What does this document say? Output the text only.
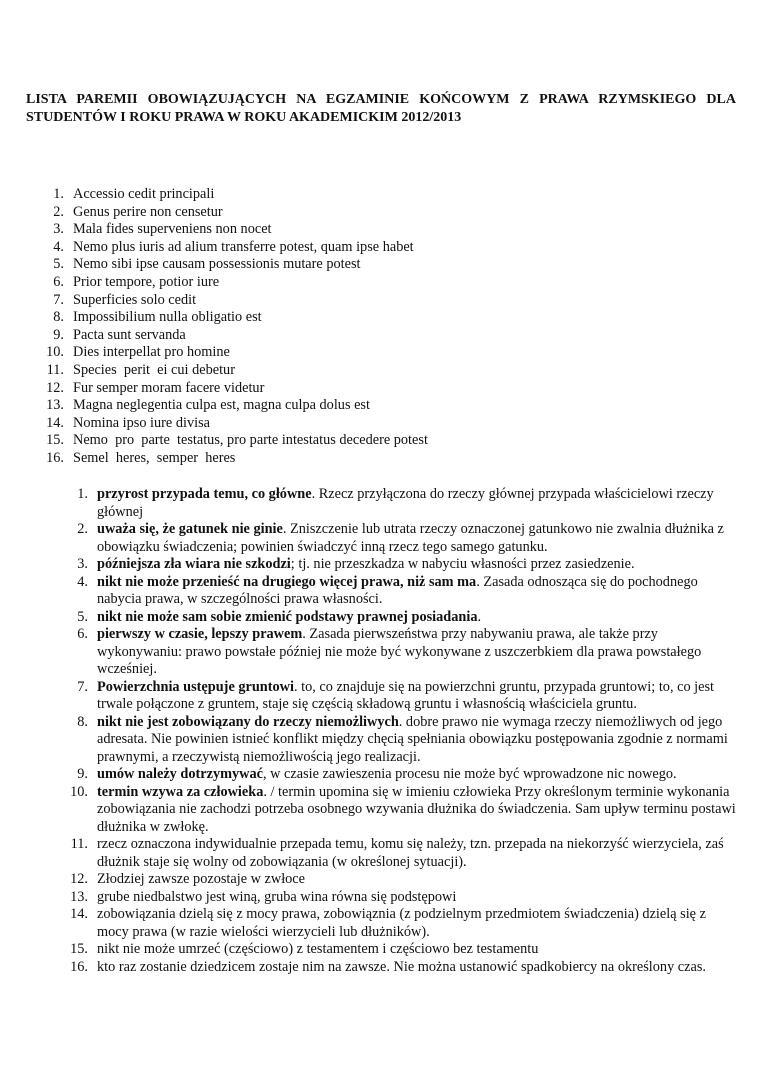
LISTA PAREMII OBOWIĄZUJĄCYCH NA EGZAMINIE KOŃCOWYM Z PRAWA RZYMSKIEGO DLA STUDENTÓW I ROKU PRAWA W ROKU AKADEMICKIM 2012/2013
1. Accessio cedit principali
2. Genus perire non censetur
3. Mala fides superveniens non nocet
4. Nemo plus iuris ad alium transferre potest, quam ipse habet
5. Nemo sibi ipse causam possessionis mutare potest
6. Prior tempore, potior iure
7. Superficies solo cedit
8. Impossibilium nulla obligatio est
9. Pacta sunt servanda
10. Dies interpellat pro homine
11. Species  perit  ei cui debetur
12. Fur semper moram facere videtur
13. Magna neglegentia culpa est, magna culpa dolus est
14. Nomina ipso iure divisa
15. Nemo  pro  parte  testatus, pro parte intestatus decedere potest
16. Semel  heres,  semper  heres
1. przyrost przypada temu, co główne. Rzecz przyłączona do rzeczy głównej przypada właścicielowi rzeczy głównej
2. uważa się, że gatunek nie ginie. Zniszczenie lub utrata rzeczy oznaczonej gatunkowo nie zwalnia dłużnika z obowiązku świadczenia; powinien świadczyć inną rzecz tego samego gatunku.
3. późniejsza zła wiara nie szkodzi; tj. nie przeszkadza w nabyciu własności przez zasiedzenie.
4. nikt nie może przenieść na drugiego więcej prawa, niż sam ma. Zasada odnosząca się do pochodnego nabycia prawa, w szczególności prawa własności.
5. nikt nie może sam sobie zmienić podstawy prawnej posiadania.
6. pierwszy w czasie, lepszy prawem. Zasada pierwszeństwa przy nabywaniu prawa, ale także przy wykonywaniu: prawo powstałe później nie może być wykonywane z uszczerbkiem dla prawa powstałego wcześniej.
7. Powierzchnia ustępuje gruntowi. to, co znajduje się na powierzchni gruntu, przypada gruntowi; to, co jest trwale połączone z gruntem, staje się częścią składową gruntu i własnością właściciela gruntu.
8. nikt nie jest zobowiązany do rzeczy niemożliwych. dobre prawo nie wymaga rzeczy niemożliwych od jego adresata. Nie powinien istnieć konflikt między chęcią spełniania obowiązku postępowania zgodnie z normami prawnymi, a rzeczywistą niemożliwością jego realizacji.
9. umów należy dotrzymywać, w czasie zawieszenia procesu nie może być wprowadzone nic nowego.
10. termin wzywa za człowieka. / termin upomina się w imieniu człowieka Przy określonym terminie wykonania zobowiązania nie zachodzi potrzeba osobnego wzywania dłużnika do świadczenia. Sam upływ terminu postawi dłużnika w zwłokę.
11. rzecz oznaczona indywidualnie przepada temu, komu się należy, tzn. przepada na niekorzyść wierzyciela, zaś dłużnik staje się wolny od zobowiązania (w określonej sytuacji).
12. Złodziej zawsze pozostaje w zwłoce
13. grube niedbalstwo jest winą, gruba wina równa się podstępowi
14. zobowiązania dzielą się z mocy prawa, zobowiąznia (z podzielnym przedmiotem świadczenia) dzielą się z mocy prawa (w razie wielości wierzycieli lub dłużników).
15. nikt nie może umrzeć (częściowo) z testamentem i częściowo bez testamentu
16. kto raz zostanie dziedzicem zostaje nim na zawsze. Nie można ustanowić spadkobiercy na określony czas.
